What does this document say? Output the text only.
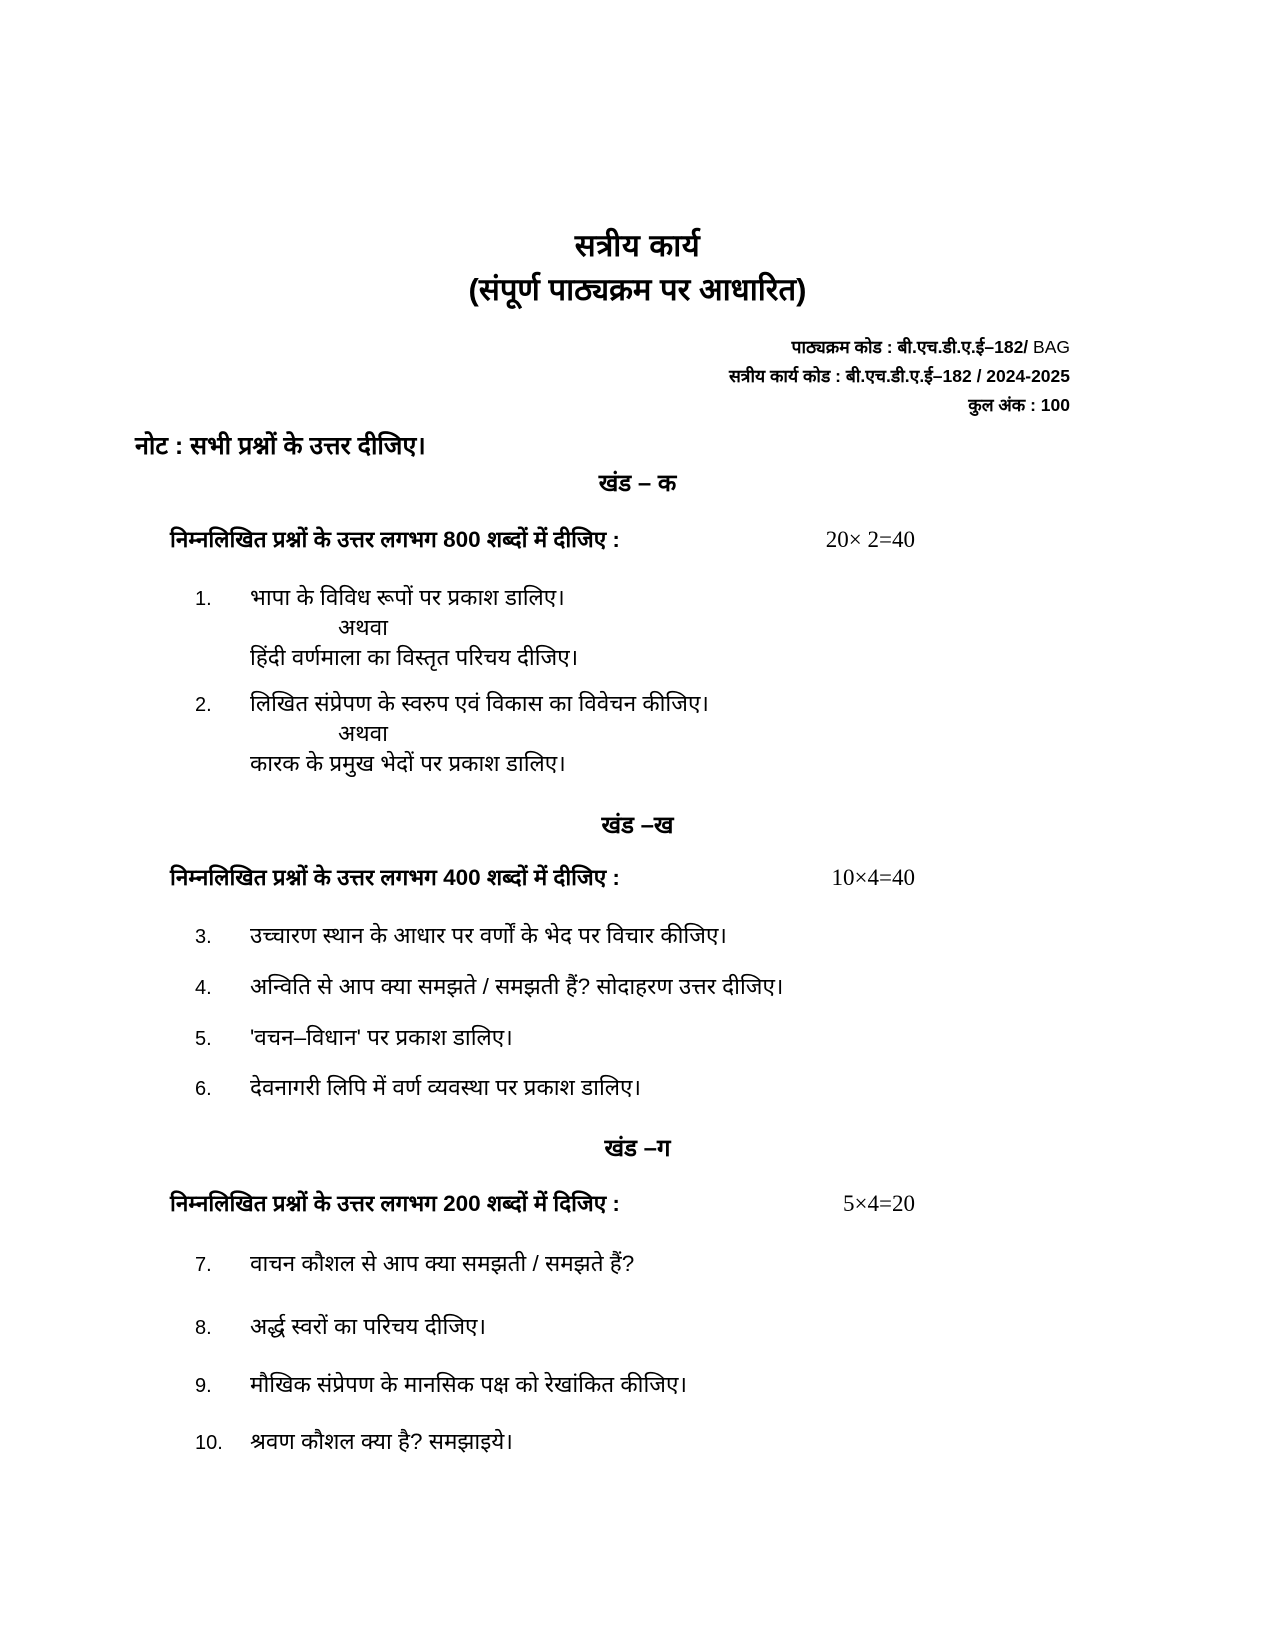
सत्रीय कार्य
(संपूर्ण पाठ्यक्रम पर आधारित)
पाठ्यक्रम कोड : बी.एच.डी.ए.ई–182/ BAG
सत्रीय कार्य कोड : बी.एच.डी.ए.ई–182 / 2024-2025
कुल अंक : 100
नोट : सभी प्रश्नों के उत्तर दीजिए।
खंड – क
निम्नलिखित प्रश्नों के उत्तर लगभग 800 शब्दों में दीजिए :	20× 2=40
1.	भापा के विविध रूपों पर प्रकाश डालिए।
अथवा
हिंदी वर्णमाला का विस्तृत परिचय दीजिए।
2.	लिखित संप्रेपण के स्वरुप एवं विकास का विवेचन कीजिए।
अथवा
कारक के प्रमुख भेदों पर प्रकाश डालिए।
खंड –ख
निम्नलिखित प्रश्नों के उत्तर लगभग 400 शब्दों में दीजिए :	10×4=40
3.	उच्चारण स्थान के आधार पर वर्णों के भेद पर विचार कीजिए।
4.	अन्विति से आप क्या समझते / समझती हैं? सोदाहरण उत्तर दीजिए।
5.	'वचन–विधान' पर प्रकाश डालिए।
6.	देवनागरी लिपि में वर्ण व्यवस्था पर प्रकाश डालिए।
खंड –ग
निम्नलिखित प्रश्नों के उत्तर लगभग 200 शब्दों में दिजिए :	5×4=20
7.	वाचन कौशल से आप क्या समझती / समझते हैं?
8.	अर्द्ध स्वरों का परिचय दीजिए।
9.	मौखिक संप्रेपण के मानसिक पक्ष को रेखांकित कीजिए।
10.	श्रवण कौशल क्या है? समझाइये।
